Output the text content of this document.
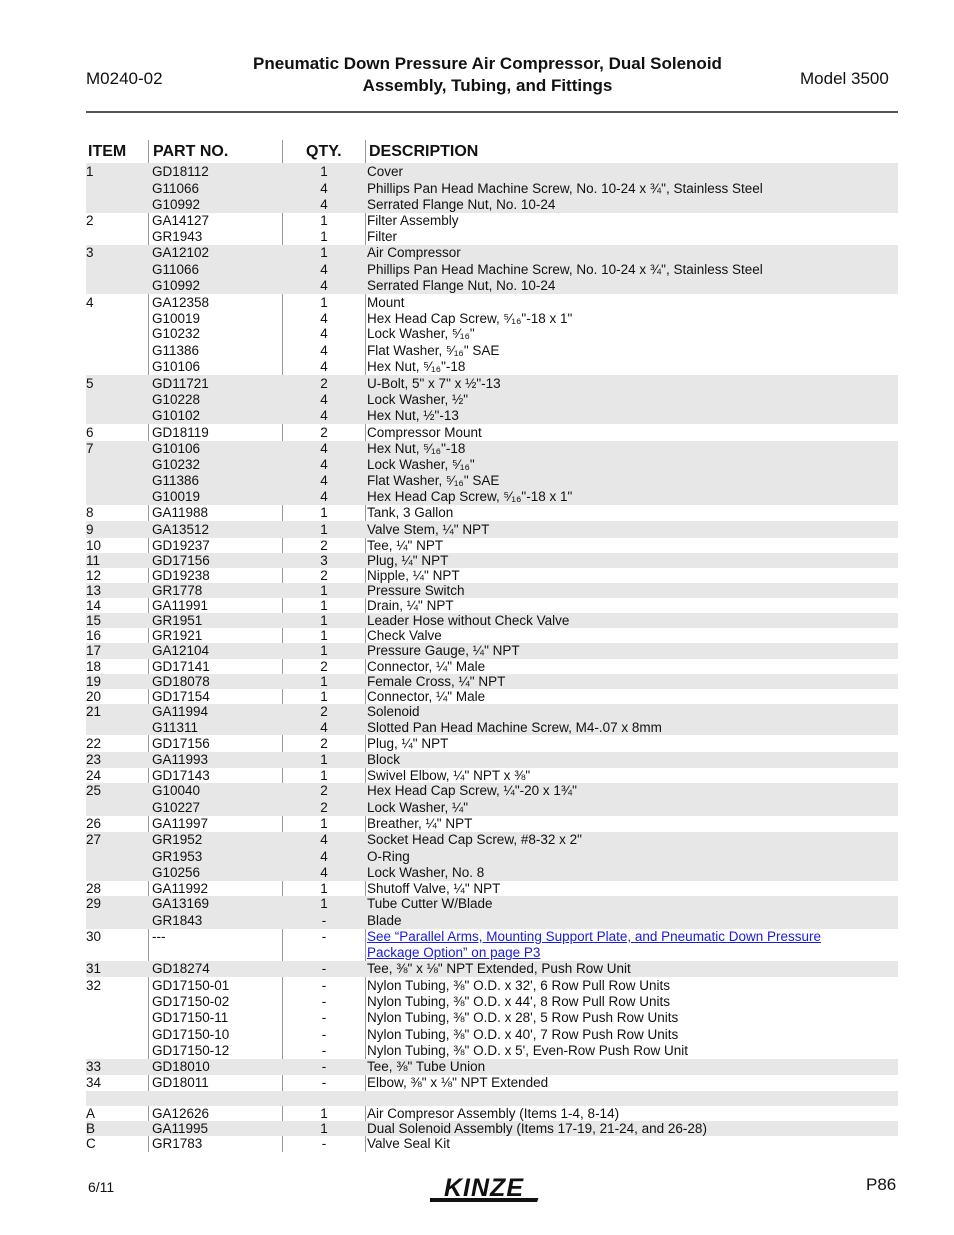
M0240-02
Pneumatic Down Pressure Air Compressor, Dual Solenoid
Assembly, Tubing, and Fittings	Model 3500
ITEM PART NO.	QTY. DESCRIPTION
1	GD18112	1	Cover
G11066	4	Phillips Pan Head Machine Screw, No. 10-24 x ¾", Stainless Steel
G10992	4	Serrated Flange Nut, No. 10-24
2	GA14127	1	Filter Assembly
GR1943	1	Filter
3	GA12102	1	Air Compressor
G11066	4	Phillips Pan Head Machine Screw, No. 10-24 x ¾", Stainless Steel
G10992	4	Serrated Flange Nut, No. 10-24
4	GA12358	1	Mount
G10019	4	Hex Head Cap Screw, ⁵⁄₁₆"-18 x 1"
G10232	4	Lock Washer, ⁵⁄₁₆"
G11386	4	Flat Washer, ⁵⁄₁₆" SAE
G10106	4	Hex Nut, ⁵⁄₁₆"-18
5	GD11721	2	U-Bolt, 5" x 7" x ½"-13
G10228	4	Lock Washer, ½"
G10102	4	Hex Nut, ½"-13
6	GD18119	2	Compressor Mount
7	G10106	4	Hex Nut, ⁵⁄₁₆"-18
G10232	4	Lock Washer, ⁵⁄₁₆"
G11386	4	Flat Washer, ⁵⁄₁₆" SAE
G10019	4	Hex Head Cap Screw, ⁵⁄₁₆"-18 x 1"
8	GA11988	1	Tank, 3 Gallon
9	GA13512	1	Valve Stem, ¼" NPT
10	GD19237	2	Tee, ¼" NPT
11	GD17156	3	Plug, ¼" NPT
12	GD19238	2	Nipple, ¼" NPT
13	GR1778	1	Pressure Switch
14	GA11991	1	Drain, ¼" NPT
15	GR1951	1	Leader Hose without Check Valve
16	GR1921	1	Check Valve
17	GA12104	1	Pressure Gauge, ¼" NPT
18	GD17141	2	Connector, ¼" Male
19	GD18078	1	Female Cross, ¼" NPT
20	GD17154	1	Connector, ¼" Male
21	GA11994	2	Solenoid
G11311	4	Slotted Pan Head Machine Screw, M4-.07 x 8mm
22	GD17156	2	Plug, ¼" NPT
23	GA11993	1	Block
24	GD17143	1	Swivel Elbow, ¼" NPT x ⅜"
25	G10040	2	Hex Head Cap Screw, ¼"-20 x 1¾"
G10227	2	Lock Washer, ¼"
26	GA11997	1	Breather, ¼" NPT
27	GR1952	4	Socket Head Cap Screw, #8-32 x 2"
GR1953	4	O-Ring
G10256	4	Lock Washer, No. 8
28	GA11992	1	Shutoff Valve, ¼" NPT
29	GA13169	1	Tube Cutter W/Blade
GR1843	-	Blade
30	---	-	See “Parallel Arms, Mounting Support Plate, and Pneumatic Down Pressure
Package Option” on page P3
31	GD18274	-	Tee, ⅜" x ⅛" NPT Extended, Push Row Unit
32	GD17150-01	-	Nylon Tubing, ⅜" O.D. x 32', 6 Row Pull Row Units
GD17150-02	-	Nylon Tubing, ⅜" O.D. x 44', 8 Row Pull Row Units
GD17150-11	-	Nylon Tubing, ⅜" O.D. x 28', 5 Row Push Row Units
GD17150-10	-	Nylon Tubing, ⅜" O.D. x 40', 7 Row Push Row Units
GD17150-12	-	Nylon Tubing, ⅜" O.D. x 5', Even-Row Push Row Unit
33	GD18010	-	Tee, ⅜" Tube Union
34	GD18011	-	Elbow, ⅜" x ⅛" NPT Extended
A	GA12626	1	Air Compresor Assembly (Items 1-4, 8-14)
B	GA11995	1	Dual Solenoid Assembly (Items 17-19, 21-24, and 26-28)
C	GR1783	-	Valve Seal Kit
6/11	KINZE	P86
